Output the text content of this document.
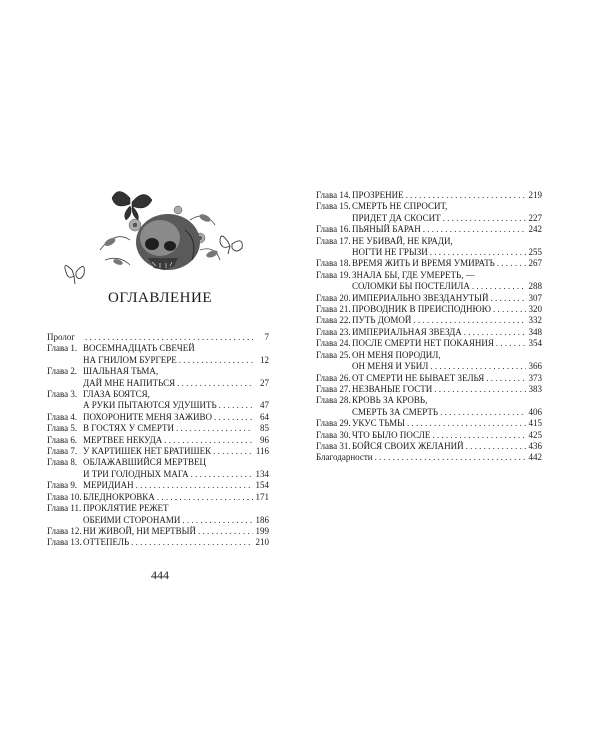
ОГЛАВЛЕНИЕ
Пролог . . .	7
Глава 1. ВОСЕМНАДЦАТЬ СВЕЧЕЙ
НА ГНИЛОМ БУРГЕРЕ . . .	12
Глава 2. ШАЛЬНАЯ ТЬМА,
ДАЙ МНЕ НАПИТЬСЯ . . .	27
Глава 3. ГЛАЗА БОЯТСЯ,
А РУКИ ПЫТАЮТСЯ УДУШИТЬ . . .	47
Глава 4. ПОХОРОНИТЕ МЕНЯ ЗАЖИВО . . .	64
Глава 5. В ГОСТЯХ У СМЕРТИ . . .	85
Глава 6. МЕРТВЕЕ НЕКУДА . . .	96
Глава 7. У КАРТИШЕК НЕТ БРАТИШЕК . . .	116
Глава 8. ОБЛАЖАВШИЙСЯ МЕРТВЕЦ
И ТРИ ГОЛОДНЫХ МАГА . . .	134
Глава 9. МЕРИДИАН . . .	154
Глава 10. БЛЕДНОКРОВКА . . .	171
Глава 11. ПРОКЛЯТИЕ РЕЖЕТ
ОБЕИМИ СТОРОНАМИ . . .	186
Глава 12. НИ ЖИВОЙ, НИ МЕРТВЫЙ . . .	199
Глава 13. ОТТЕПЕЛЬ . . .	210
Глава 14. ПРОЗРЕНИЕ . . .	219
Глава 15. СМЕРТЬ НЕ СПРОСИТ,
ПРИДЕТ ДА СКОСИТ . . .	227
Глава 16. ПЬЯНЫЙ БАРАН . . .	242
Глава 17. НЕ УБИВАЙ, НЕ КРАДИ,
НОГТИ НЕ ГРЫЗИ . . .	255
Глава 18. ВРЕМЯ ЖИТЬ И ВРЕМЯ УМИРАТЬ . . .	267
Глава 19. ЗНАЛА БЫ, ГДЕ УМЕРЕТЬ, —
СОЛОМКИ БЫ ПОСТЕЛИЛА . . .	288
Глава 20. ИМПЕРИАЛЬНО ЗВЕЗДАНУТЫЙ . . .	307
Глава 21. ПРОВОДНИК В ПРЕИСПОДНЮЮ . . .	320
Глава 22. ПУТЬ ДОМОЙ . . .	332
Глава 23. ИМПЕРИАЛЬНАЯ ЗВЕЗДА . . .	348
Глава 24. ПОСЛЕ СМЕРТИ НЕТ ПОКАЯНИЯ . . .	354
Глава 25. ОН МЕНЯ ПОРОДИЛ,
ОН МЕНЯ И УБИЛ . . .	366
Глава 26. ОТ СМЕРТИ НЕ БЫВАЕТ ЗЕЛЬЯ . . .	373
Глава 27. НЕЗВАНЫЕ ГОСТИ . . .	383
Глава 28. КРОВЬ ЗА КРОВЬ,
СМЕРТЬ ЗА СМЕРТЬ . . .	406
Глава 29. УКУС ТЬМЫ . . .	415
Глава 30. ЧТО БЫЛО ПОСЛЕ . . .	425
Глава 31. БОЙСЯ СВОИХ ЖЕЛАНИЙ . . .	436
Благодарности . . .	442
444
